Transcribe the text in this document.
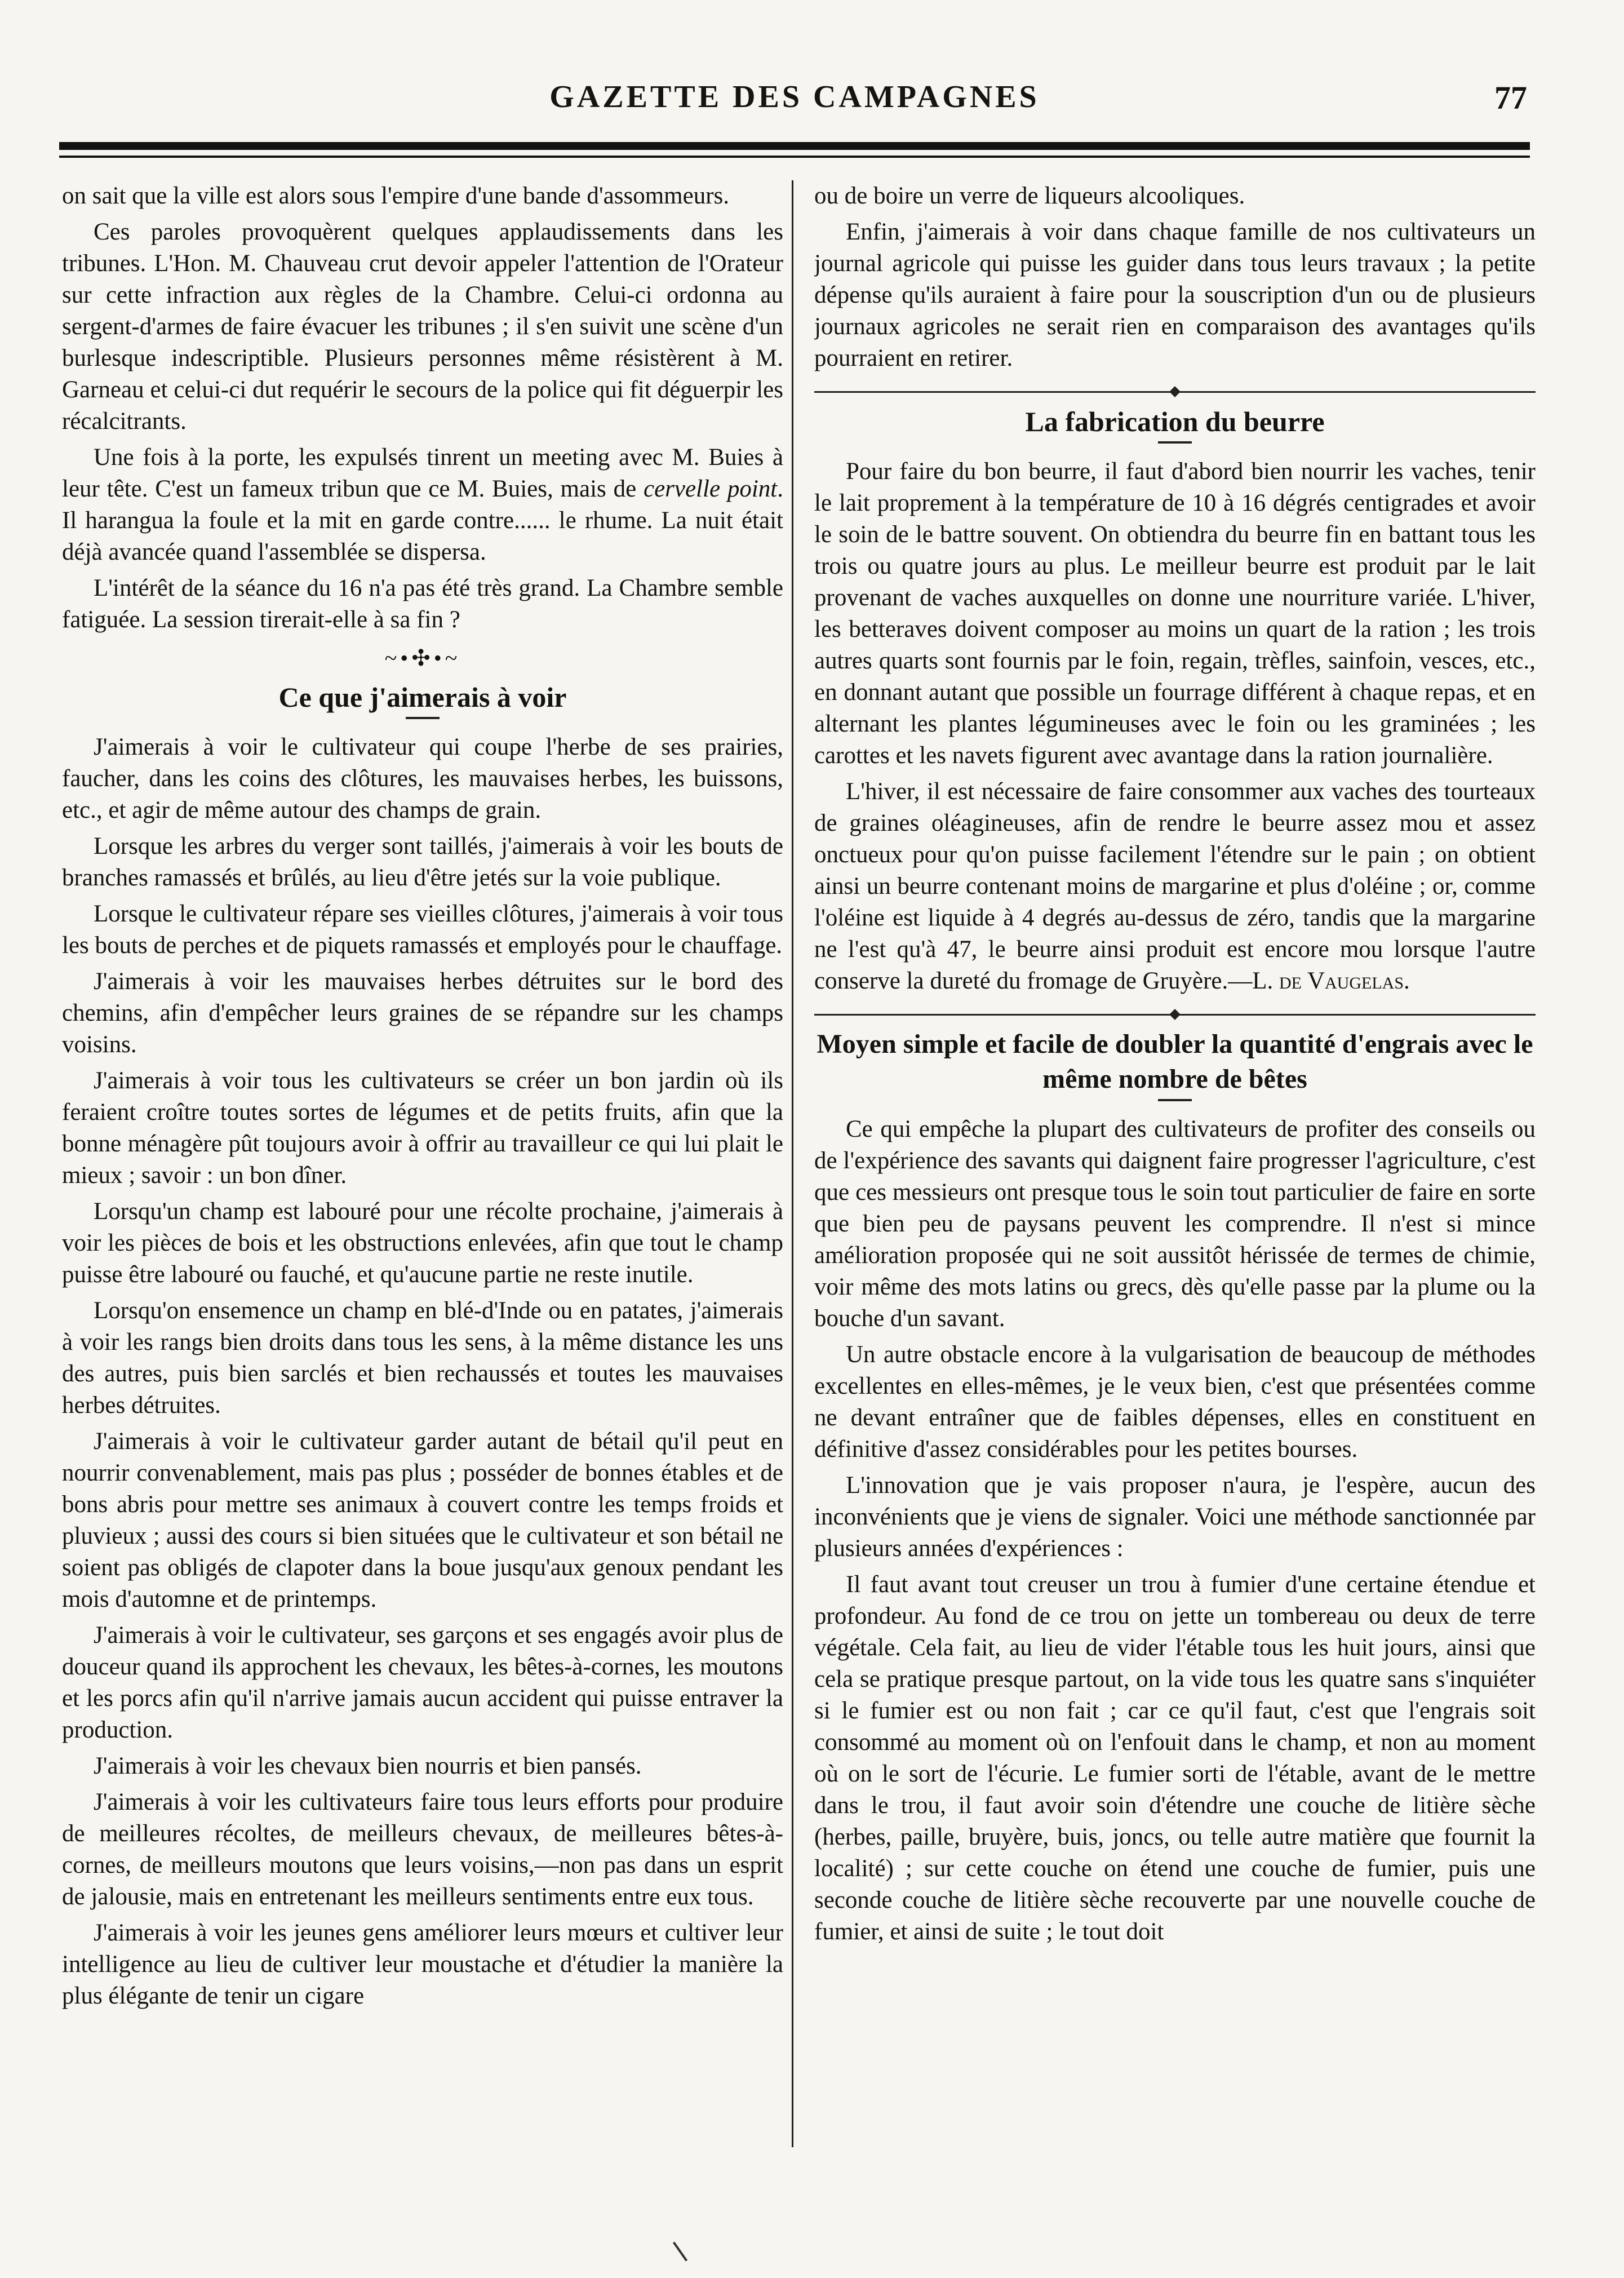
GAZETTE DES CAMPAGNES	77

on sait que la ville est alors sous l'empire d'une bande d'assommeurs.

Ces paroles provoquèrent quelques applaudissements dans les tribunes. L'Hon. M. Chauveau crut devoir appeler l'attention de l'Orateur sur cette infraction aux règles de la Chambre. Celui-ci ordonna au sergent-d'armes de faire évacuer les tribunes ; il s'en suivit une scène d'un burlesque indescriptible. Plusieurs personnes même résistèrent à M. Garneau et celui-ci dut requérir le secours de la police qui fit déguerpir les récalcitrants.

Une fois à la porte, les expulsés tinrent un meeting avec M. Buies à leur tête. C'est un fameux tribun que ce M. Buies, mais de cervelle point. Il harangua la foule et la mit en garde contre...... le rhume. La nuit était déjà avancée quand l'assemblée se dispersa.

L'intérêt de la séance du 16 n'a pas été très grand. La Chambre semble fatiguée. La session tirerait-elle à sa fin ?

~•✣•~
Ce que j'aimerais à voir

J'aimerais à voir le cultivateur qui coupe l'herbe de ses prairies, faucher, dans les coins des clôtures, les mauvaises herbes, les buissons, etc., et agir de même autour des champs de grain.

Lorsque les arbres du verger sont taillés, j'aimerais à voir les bouts de branches ramassés et brûlés, au lieu d'être jetés sur la voie publique.

Lorsque le cultivateur répare ses vieilles clôtures, j'aimerais à voir tous les bouts de perches et de piquets ramassés et employés pour le chauffage.

J'aimerais à voir les mauvaises herbes détruites sur le bord des chemins, afin d'empêcher leurs graines de se répandre sur les champs voisins.

J'aimerais à voir tous les cultivateurs se créer un bon jardin où ils feraient croître toutes sortes de légumes et de petits fruits, afin que la bonne ménagère pût toujours avoir à offrir au travailleur ce qui lui plait le mieux ; savoir : un bon dîner.

Lorsqu'un champ est labouré pour une récolte prochaine, j'aimerais à voir les pièces de bois et les obstructions enlevées, afin que tout le champ puisse être labouré ou fauché, et qu'aucune partie ne reste inutile.

Lorsqu'on ensemence un champ en blé-d'Inde ou en patates, j'aimerais à voir les rangs bien droits dans tous les sens, à la même distance les uns des autres, puis bien sarclés et bien rechaussés et toutes les mauvaises herbes détruites.

J'aimerais à voir le cultivateur garder autant de bétail qu'il peut en nourrir convenablement, mais pas plus ; posséder de bonnes étables et de bons abris pour mettre ses animaux à couvert contre les temps froids et pluvieux ; aussi des cours si bien situées que le cultivateur et son bétail ne soient pas obligés de clapoter dans la boue jusqu'aux genoux pendant les mois d'automne et de printemps.

J'aimerais à voir le cultivateur, ses garçons et ses engagés avoir plus de douceur quand ils approchent les chevaux, les bêtes-à-cornes, les moutons et les porcs afin qu'il n'arrive jamais aucun accident qui puisse entraver la production.

J'aimerais à voir les chevaux bien nourris et bien pansés.

J'aimerais à voir les cultivateurs faire tous leurs efforts pour produire de meilleures récoltes, de meilleurs chevaux, de meilleures bêtes-à-cornes, de meilleurs moutons que leurs voisins,—non pas dans un esprit de jalousie, mais en entretenant les meilleurs sentiments entre eux tous.

J'aimerais à voir les jeunes gens améliorer leurs mœurs et cultiver leur intelligence au lieu de cultiver leur moustache et d'étudier la manière la plus élégante de tenir un cigare

ou de boire un verre de liqueurs alcooliques.

Enfin, j'aimerais à voir dans chaque famille de nos cultivateurs un journal agricole qui puisse les guider dans tous leurs travaux ; la petite dépense qu'ils auraient à faire pour la souscription d'un ou de plusieurs journaux agricoles ne serait rien en comparaison des avantages qu'ils pourraient en retirer.

La fabrication du beurre

Pour faire du bon beurre, il faut d'abord bien nourrir les vaches, tenir le lait proprement à la température de 10 à 16 dégrés centigrades et avoir le soin de le battre souvent. On obtiendra du beurre fin en battant tous les trois ou quatre jours au plus. Le meilleur beurre est produit par le lait provenant de vaches auxquelles on donne une nourriture variée. L'hiver, les betteraves doivent composer au moins un quart de la ration ; les trois autres quarts sont fournis par le foin, regain, trèfles, sainfoin, vesces, etc., en donnant autant que possible un fourrage différent à chaque repas, et en alternant les plantes légumineuses avec le foin ou les graminées ; les carottes et les navets figurent avec avantage dans la ration journalière.

L'hiver, il est nécessaire de faire consommer aux vaches des tourteaux de graines oléagineuses, afin de rendre le beurre assez mou et assez onctueux pour qu'on puisse facilement l'étendre sur le pain ; on obtient ainsi un beurre contenant moins de margarine et plus d'oléine ; or, comme l'oléine est liquide à 4 degrés au-dessus de zéro, tandis que la margarine ne l'est qu'à 47, le beurre ainsi produit est encore mou lorsque l'autre conserve la dureté du fromage de Gruyère.—L. de Vaugelas.

Moyen simple et facile de doubler la quantité d'engrais avec le même nombre de bêtes

Ce qui empêche la plupart des cultivateurs de profiter des conseils ou de l'expérience des savants qui daignent faire progresser l'agriculture, c'est que ces messieurs ont presque tous le soin tout particulier de faire en sorte que bien peu de paysans peuvent les comprendre. Il n'est si mince amélioration proposée qui ne soit aussitôt hérissée de termes de chimie, voir même des mots latins ou grecs, dès qu'elle passe par la plume ou la bouche d'un savant.

Un autre obstacle encore à la vulgarisation de beaucoup de méthodes excellentes en elles-mêmes, je le veux bien, c'est que présentées comme ne devant entraîner que de faibles dépenses, elles en constituent en définitive d'assez considérables pour les petites bourses.

L'innovation que je vais proposer n'aura, je l'espère, aucun des inconvénients que je viens de signaler. Voici une méthode sanctionnée par plusieurs années d'expériences :

Il faut avant tout creuser un trou à fumier d'une certaine étendue et profondeur. Au fond de ce trou on jette un tombereau ou deux de terre végétale. Cela fait, au lieu de vider l'étable tous les huit jours, ainsi que cela se pratique presque partout, on la vide tous les quatre sans s'inquiéter si le fumier est ou non fait ; car ce qu'il faut, c'est que l'engrais soit consommé au moment où on l'enfouit dans le champ, et non au moment où on le sort de l'écurie. Le fumier sorti de l'étable, avant de le mettre dans le trou, il faut avoir soin d'étendre une couche de litière sèche (herbes, paille, bruyère, buis, joncs, ou telle autre matière que fournit la localité) ; sur cette couche on étend une couche de fumier, puis une seconde couche de litière sèche recouverte par une nouvelle couche de fumier, et ainsi de suite ; le tout doit
